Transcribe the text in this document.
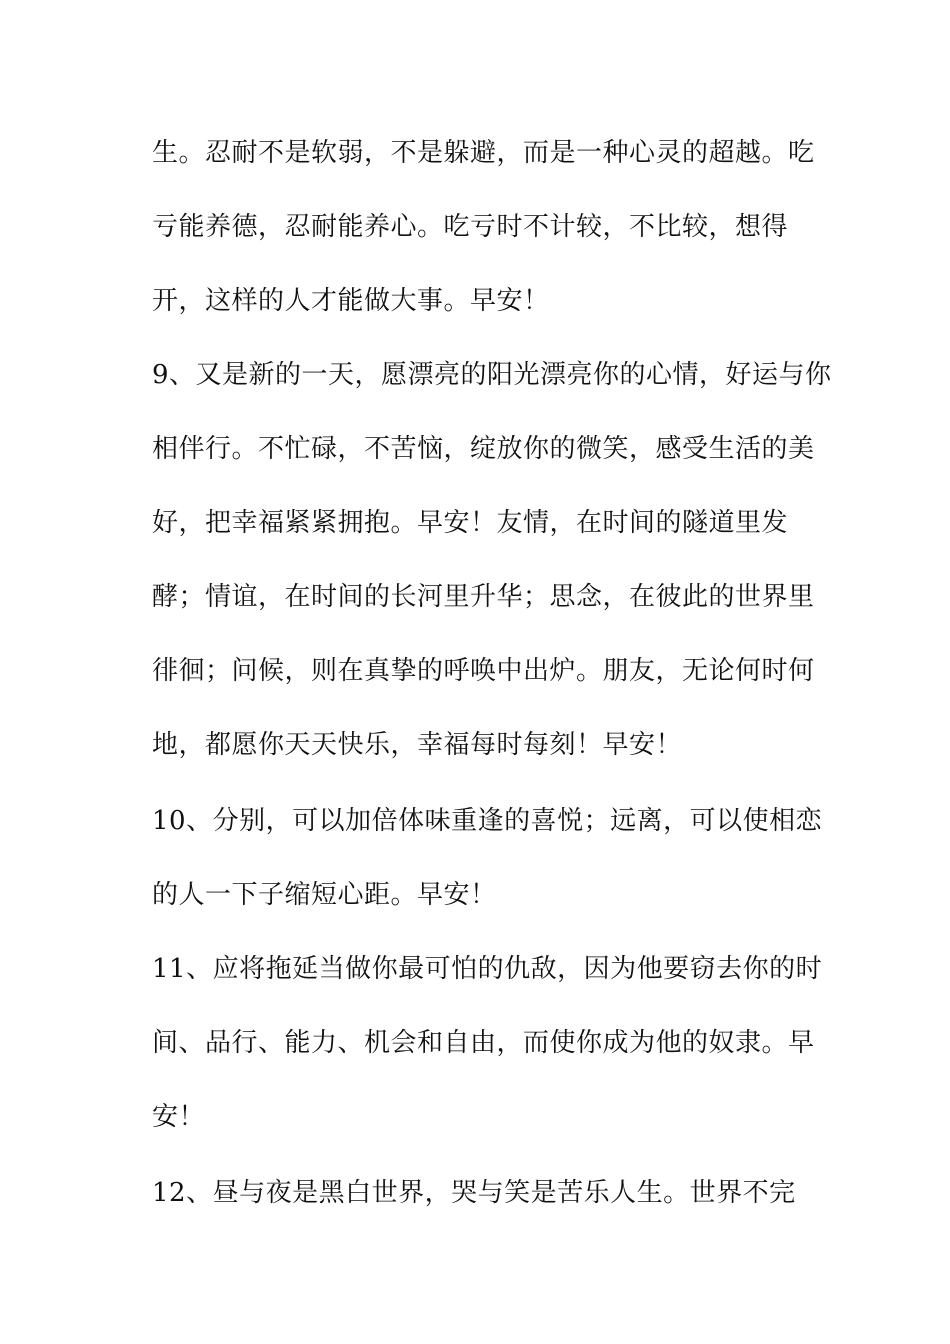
生。忍耐不是软弱，不是躲避，而是一种心灵的超越。吃

亏能养德，忍耐能养心。吃亏时不计较，不比较，想得

开，这样的人才能做大事。早安！

9、又是新的一天，愿漂亮的阳光漂亮你的心情，好运与你

相伴行。不忙碌，不苦恼，绽放你的微笑，感受生活的美

好，把幸福紧紧拥抱。早安！友情，在时间的隧道里发

酵；情谊，在时间的长河里升华；思念，在彼此的世界里

徘徊；问候，则在真挚的呼唤中出炉。朋友，无论何时何

地，都愿你天天快乐，幸福每时每刻！早安！

10、分别，可以加倍体味重逢的喜悦；远离，可以使相恋

的人一下子缩短心距。早安！

11、应将拖延当做你最可怕的仇敌，因为他要窃去你的时

间、品行、能力、机会和自由，而使你成为他的奴隶。早

安！

12、昼与夜是黑白世界，哭与笑是苦乐人生。世界不完
